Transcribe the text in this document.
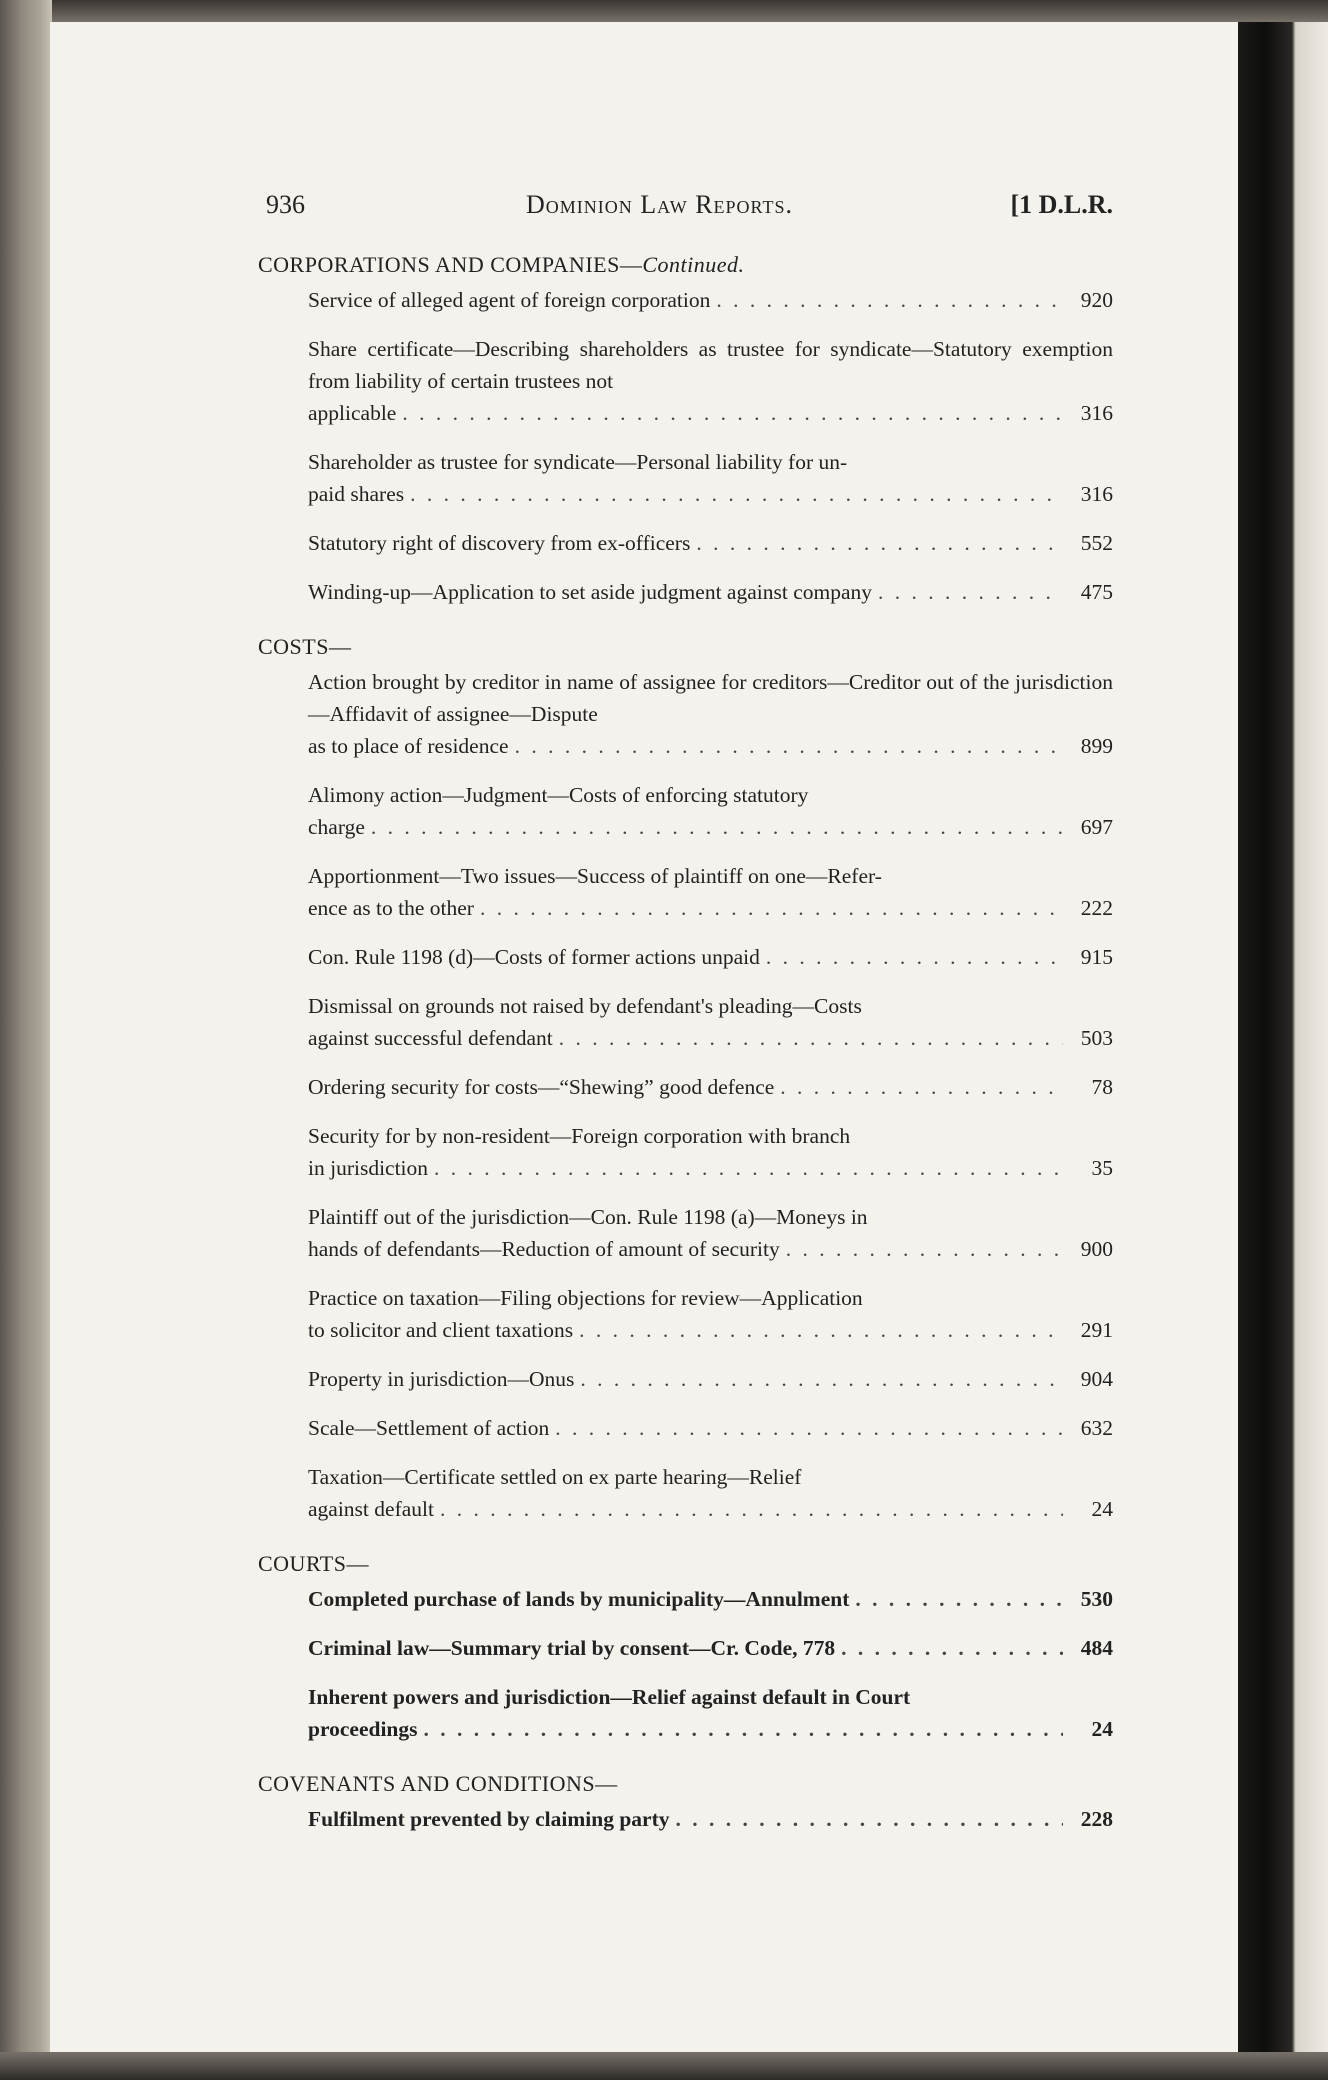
936	Dominion Law Reports.	[1 D.L.R.
CORPORATIONS AND COMPANIES—Continued.
Service of alleged agent of foreign corporation . . .	920
Share certificate—Describing shareholders as trustee for syndicate—Statutory exemption from liability of certain trustees not
applicable . . .	316
Shareholder as trustee for syndicate—Personal liability for un-
paid shares . . .	316
Statutory right of discovery from ex-officers . . .	552
Winding-up—Application to set aside judgment against company . . .	475
COSTS—
Action brought by creditor in name of assignee for creditors—Creditor out of the jurisdiction—Affidavit of assignee—Dispute
as to place of residence . . .	899
Alimony action—Judgment—Costs of enforcing statutory
charge . . .	697
Apportionment—Two issues—Success of plaintiff on one—Refer-
ence as to the other . . .	222
Con. Rule 1198 (d)—Costs of former actions unpaid . . .	915
Dismissal on grounds not raised by defendant's pleading—Costs
against successful defendant . . .	503
Ordering security for costs—“Shewing” good defence . . .	78
Security for by non-resident—Foreign corporation with branch
in jurisdiction . . .	35
Plaintiff out of the jurisdiction—Con. Rule 1198 (a)—Moneys in
hands of defendants—Reduction of amount of security . . .	900
Practice on taxation—Filing objections for review—Application
to solicitor and client taxations . . .	291
Property in jurisdiction—Onus . . .	904
Scale—Settlement of action . . .	632
Taxation—Certificate settled on ex parte hearing—Relief
against default . . .	24
COURTS—
Completed purchase of lands by municipality—Annulment . . .	530
Criminal law—Summary trial by consent—Cr. Code, 778 . . .	484
Inherent powers and jurisdiction—Relief against default in Court
proceedings . . .	24
COVENANTS AND CONDITIONS—
Fulfilment prevented by claiming party . . .	228
